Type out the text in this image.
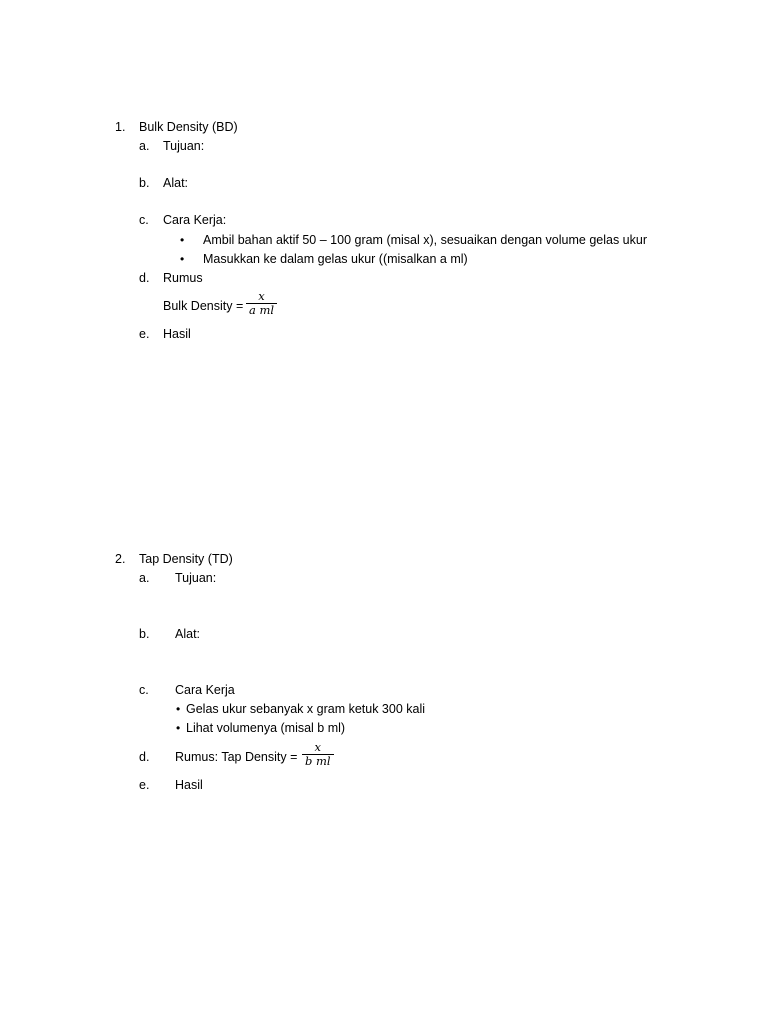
1. Bulk Density (BD)
a. Tujuan:
b. Alat:
c. Cara Kerja:
• Ambil bahan aktif 50 – 100 gram (misal x), sesuaikan dengan volume gelas ukur
• Masukkan ke dalam gelas ukur ((misalkan a ml)
d. Rumus
Bulk Density =
x
a ml
e. Hasil
2. Tap Density (TD)
a. Tujuan:
b. Alat:
c. Cara Kerja
• Gelas ukur sebanyak x gram ketuk 300 kali
• Lihat volumenya (misal b ml)
d. Rumus: Tap Density =
x
b ml
e. Hasil
